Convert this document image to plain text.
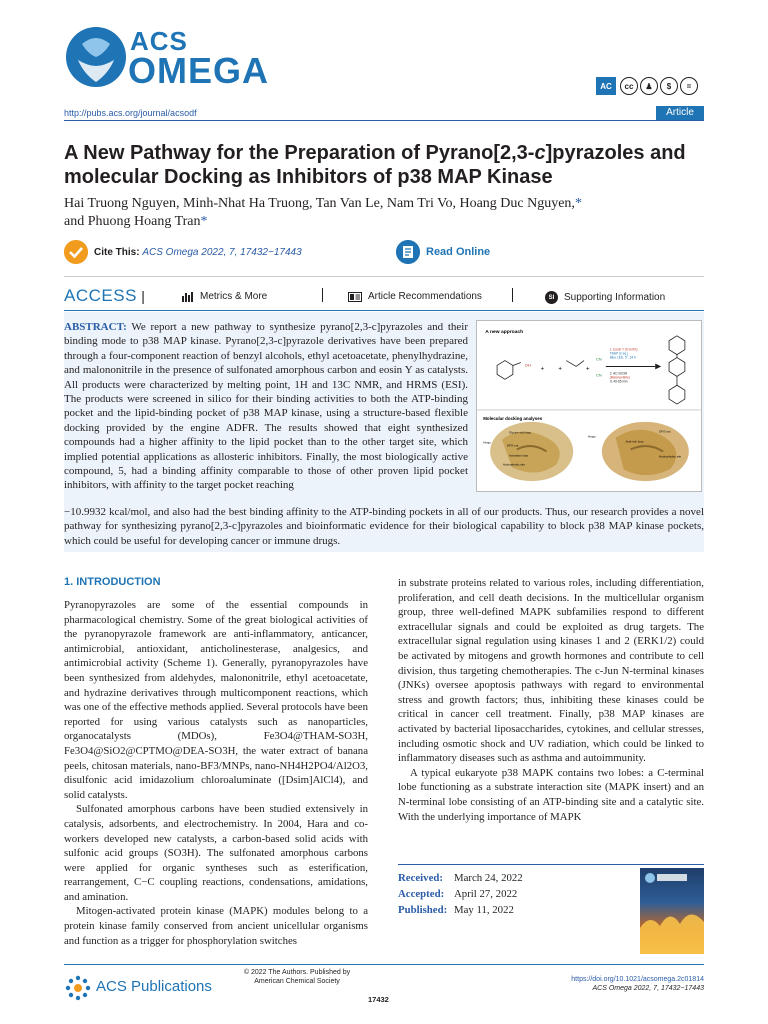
ACS
OMEGA	AC	cc	♟	$	=
http://pubs.acs.org/journal/acsodf	Article
A New Pathway for the Preparation of Pyrano[2,3-c]pyrazoles and molecular Docking as Inhibitors of p38 MAP Kinase
Hai Truong Nguyen, Minh-Nhat Ha Truong, Tan Van Le, Nam Tri Vo, Hoang Duc Nguyen,*
and Phuong Hoang Tran*
Cite This: ACS Omega 2022, 7, 17432−17443	Read Online
ACCESS |	Metrics & More	Article Recommendations	SI Supporting Information
ABSTRACT: We report a new pathway to synthesize pyrano[2,3-c]pyrazoles and their binding mode to p38 MAP kinase. Pyrano[2,3-c]pyrazole derivatives have been prepared through a four-component reaction of benzyl alcohols, ethyl acetoacetate, phenylhydrazine, and malononitrile in the presence of sulfonated amorphous carbon and eosin Y as catalysts. All products were characterized by melting point, 1H and 13C NMR, and HRMS (ESI). The products were screened in silico for their binding activities to both the ATP-binding pocket and the lipid-binding pocket of p38 MAP kinase, using a structure-based flexible docking provided by the engine ADFR. The results showed that eight synthesized compounds had a higher affinity to the lipid pocket than to the other target site, which implied potential applications as allosteric inhibitors. Finally, the most biologically active compound, 5, had a binding affinity comparable to those of other proven lipid pocket inhibitors, with affinity to the target pocket reaching
−10.9932 kcal/mol, and also had the best binding affinity to the ATP-binding pockets in all of our products. Thus, our research provides a novel pathway for synthesizing pyrano[2,3-c]pyrazoles and bioinformatic evidence for their biological capability to block p38 MAP kinase pockets, which could be useful for developing cancer or immune drugs.
A new approach
OH
+ +	+
CN
CN
1. Eosin Y (5 mol%)
TBHP (2 eq.)
Blue LED, 5°, 24 h
2. AC-SO3H
(Malononitrile)
rt, 40-65 min
Molecular docking analyses
Glycine-rich loop
Hinge
DFG-out
Activation loop
Hydrophobic site
Acid-rich loop
Hinge
DFG-out
Hydrophobic site
1. INTRODUCTION

Pyranopyrazoles are some of the essential compounds in pharmacological chemistry. Some of the great biological activities of the pyranopyrazole framework are anti-inflammatory, anticancer, antimicrobial, antioxidant, anticholinesterase, analgesics, and antimicrobial activity (Scheme 1). Generally, pyranopyrazoles have been synthesized from aldehydes, malononitrile, ethyl acetoacetate, and hydrazine derivatives through multicomponent reactions, which was one of the effective methods applied. Several protocols have been reported for using various catalysts such as nanoparticles, organocatalysts (MDOs), Fe3O4@THAM-SO3H, Fe3O4@SiO2@CPTMO@DEA-SO3H, the water extract of banana peels, chitosan materials, nano-BF3/MNPs, nano-NH4H2PO4/Al2O3, disulfonic acid imidazolium chloroaluminate ([Dsim]AlCl4), and solid catalysts.

Sulfonated amorphous carbons have been studied extensively in catalysis, adsorbents, and electrochemistry. In 2004, Hara and co-workers developed new catalysts, a carbon-based solid acids with sulfonic acid groups (SO3H). The sulfonated amorphous carbons were applied for organic syntheses such as esterification, rearrangement, C−C coupling reactions, condensations, amidations, and amination.

Mitogen-activated protein kinase (MAPK) modules belong to a protein kinase family conserved from ancient unicellular organisms and function as a trigger for phosphorylation switches

in substrate proteins related to various roles, including differentiation, proliferation, and cell death decisions. In the multicellular organism group, three well-defined MAPK subfamilies respond to different extracellular signals and could be exploited as drug targets. The extracellular signal regulation using kinases 1 and 2 (ERK1/2) could be activated by mitogens and growth hormones and contribute to cell division, thus targeting chemotherapies. The c-Jun N-terminal kinases (JNKs) oversee apoptosis pathways with regard to environmental stress and growth factors; thus, inhibiting these kinases could be critical in cancer cell treatment. Finally, p38 MAP kinases are activated by bacterial liposaccharides, cytokines, and cellular stresses, including osmotic shock and UV radiation, which could be linked to inflammatory diseases such as asthma and autoimmunity.

A typical eukaryote p38 MAPK contains two lobes: a C-terminal lobe functioning as a substrate interaction site (MAPK insert) and an N-terminal lobe consisting of an ATP-binding site and a catalytic site. With the underlying importance of MAPK

Received: March 24, 2022
Accepted: April 27, 2022
Published: May 11, 2022
ACS Publications
© 2022 The Authors. Published by American Chemical Society
17432
https://doi.org/10.1021/acsomega.2c01814
ACS Omega 2022, 7, 17432−17443
